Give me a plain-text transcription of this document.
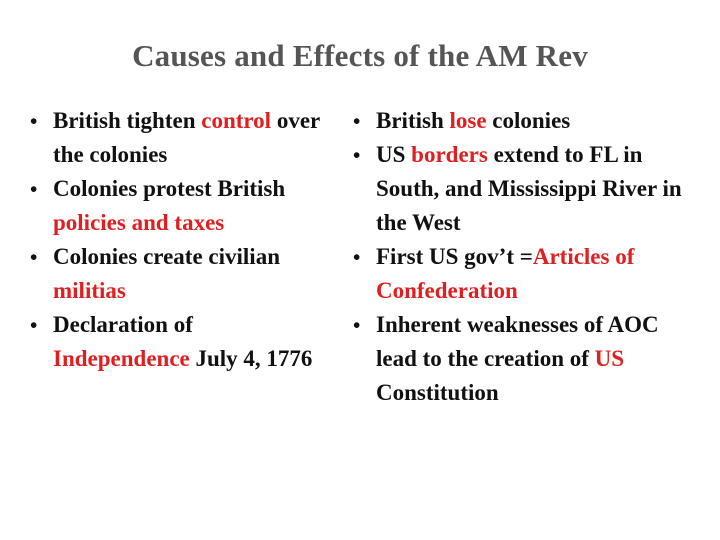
Causes and Effects of the AM Rev
• British tighten control over the colonies
• Colonies protest British policies and taxes
• Colonies create civilian militias
• Declaration of Independence July 4, 1776
• British lose colonies
• US borders extend to FL in South, and Mississippi River in the West
• First US gov’t =Articles of Confederation
• Inherent weaknesses of AOC lead to the creation of US Constitution
